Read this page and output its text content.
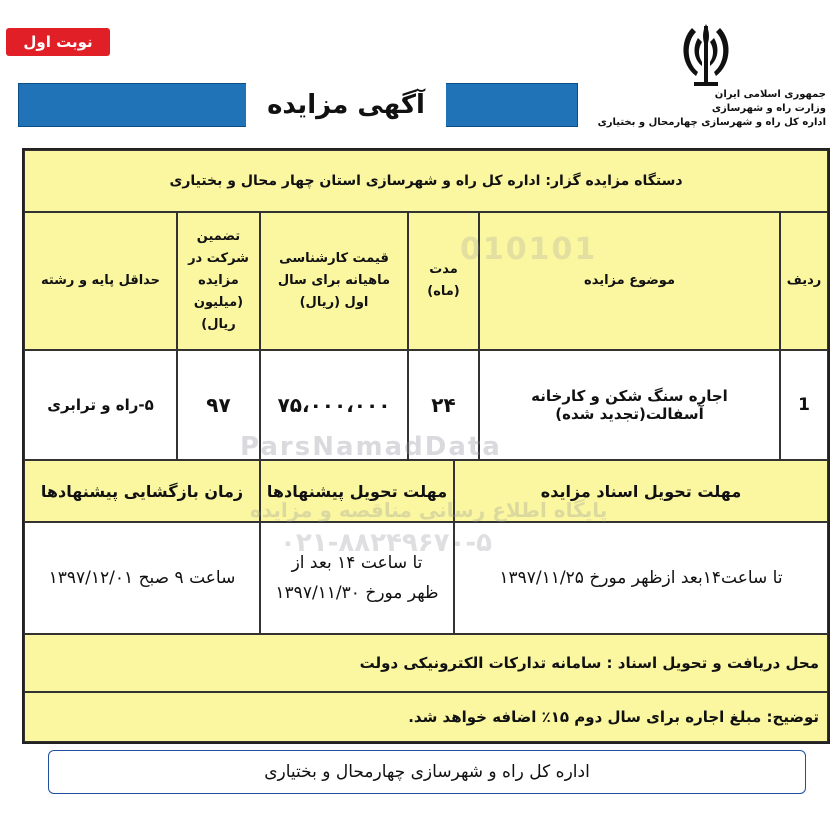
نوبت اول
جمهوری اسلامی ایران
وزارت راه و شهرسازی
اداره کل راه و شهرسازی چهارمحال و بختیاری
آگهی مزایده
دستگاه مزایده گزار: اداره کل راه و شهرسازی استان چهار محال و بختیاری
ردیف
موضوع مزایده
مدت (ماه)
قیمت کارشناسی ماهیانه برای سال اول (ریال)
تضمین شرکت در مزایده (میلیون ریال)
حداقل پایه و رشته
1
اجاره سنگ شکن و کارخانه آسفالت(تجدید شده)
۲۴
۷۵،۰۰۰،۰۰۰
۹۷
۵-راه و ترابری
مهلت تحویل اسناد مزایده
مهلت تحویل پیشنهادها
زمان بازگشایی پیشنهادها
تا ساعت۱۴بعد ازظهر مورخ ۱۳۹۷/۱۱/۲۵
تا ساعت ۱۴ بعد از ظهر مورخ ۱۳۹۷/۱۱/۳۰
ساعت ۹ صبح ۱۳۹۷/۱۲/۰۱
محل دریافت و تحویل اسناد : سامانه تدارکات الکترونیکی دولت
توضیح: مبلغ اجاره برای سال دوم ۱۵٪ اضافه خواهد شد.
ParsNamadData
پایگاه اطلاع رسانی مناقصه و مزایده
۰۲۱-۸۸۲۴۹۶۷۰-۵
010101
اداره کل راه و شهرسازی چهارمحال و بختیاری
